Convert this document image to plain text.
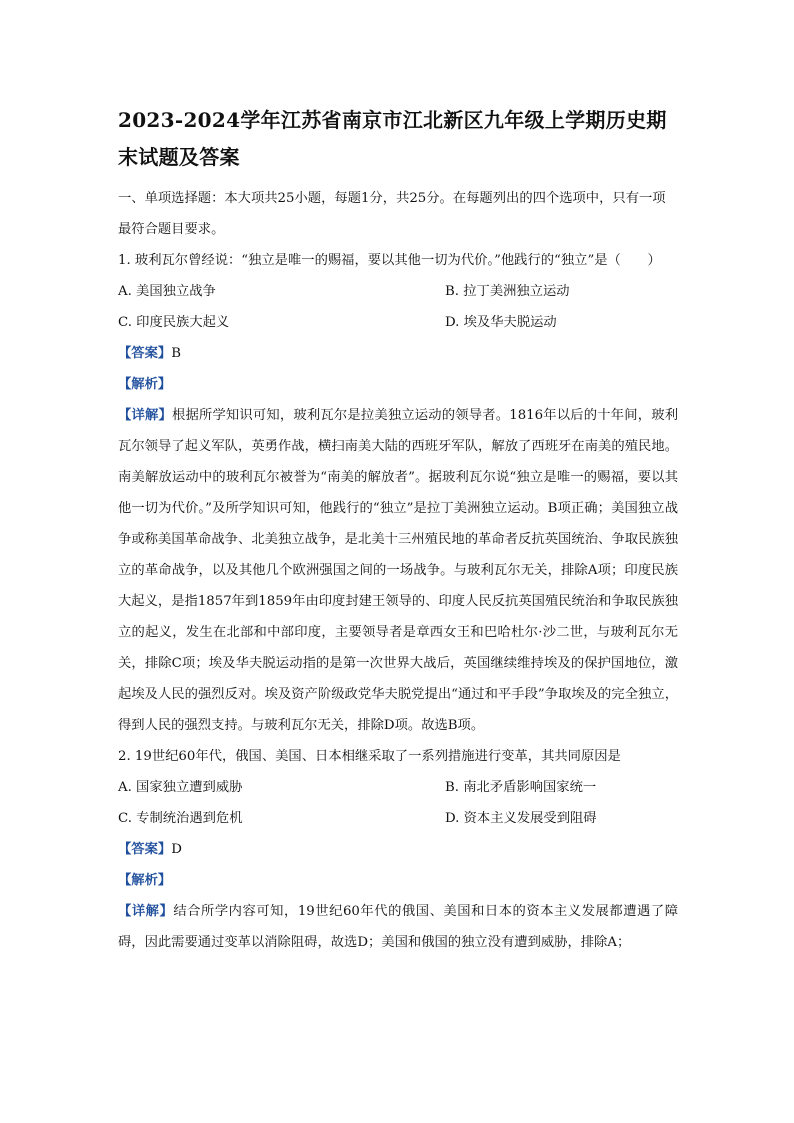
2023-2024学年江苏省南京市江北新区九年级上学期历史期末试题及答案

一、单项选择题：本大项共25小题，每题1分，共25分。在每题列出的四个选项中，只有一项最符合题目要求。

1. 玻利瓦尔曾经说：“独立是唯一的赐福，要以其他一切为代价。”他践行的“独立”是（　　）

A. 美国独立战争	B. 拉丁美洲独立运动
C. 印度民族大起义	D. 埃及华夫脱运动

【答案】B

【解析】

【详解】根据所学知识可知，玻利瓦尔是拉美独立运动的领导者。1816年以后的十年间，玻利瓦尔领导了起义军队，英勇作战，横扫南美大陆的西班牙军队，解放了西班牙在南美的殖民地。南美解放运动中的玻利瓦尔被誉为“南美的解放者”。据玻利瓦尔说“独立是唯一的赐福，要以其他一切为代价。”及所学知识可知，他践行的“独立”是拉丁美洲独立运动。B项正确；美国独立战争或称美国革命战争、北美独立战争，是北美十三州殖民地的革命者反抗英国统治、争取民族独立的革命战争，以及其他几个欧洲强国之间的一场战争。与玻利瓦尔无关，排除A项；印度民族大起义，是指1857年到1859年由印度封建王领导的、印度人民反抗英国殖民统治和争取民族独立的起义，发生在北部和中部印度，主要领导者是章西女王和巴哈杜尔·沙二世，与玻利瓦尔无关，排除C项；埃及华夫脱运动指的是第一次世界大战后，英国继续维持埃及的保护国地位，激起埃及人民的强烈反对。埃及资产阶级政党华夫脱党提出“通过和平手段”争取埃及的完全独立，得到人民的强烈支持。与玻利瓦尔无关，排除D项。故选B项。

2. 19世纪60年代，俄国、美国、日本相继采取了一系列措施进行变革，其共同原因是

A. 国家独立遭到威胁	B. 南北矛盾影响国家统一
C. 专制统治遇到危机	D. 资本主义发展受到阻碍

【答案】D

【解析】

【详解】结合所学内容可知，19世纪60年代的俄国、美国和日本的资本主义发展都遭遇了障碍，因此需要通过变革以消除阻碍，故选D；美国和俄国的独立没有遭到威胁，排除A；
